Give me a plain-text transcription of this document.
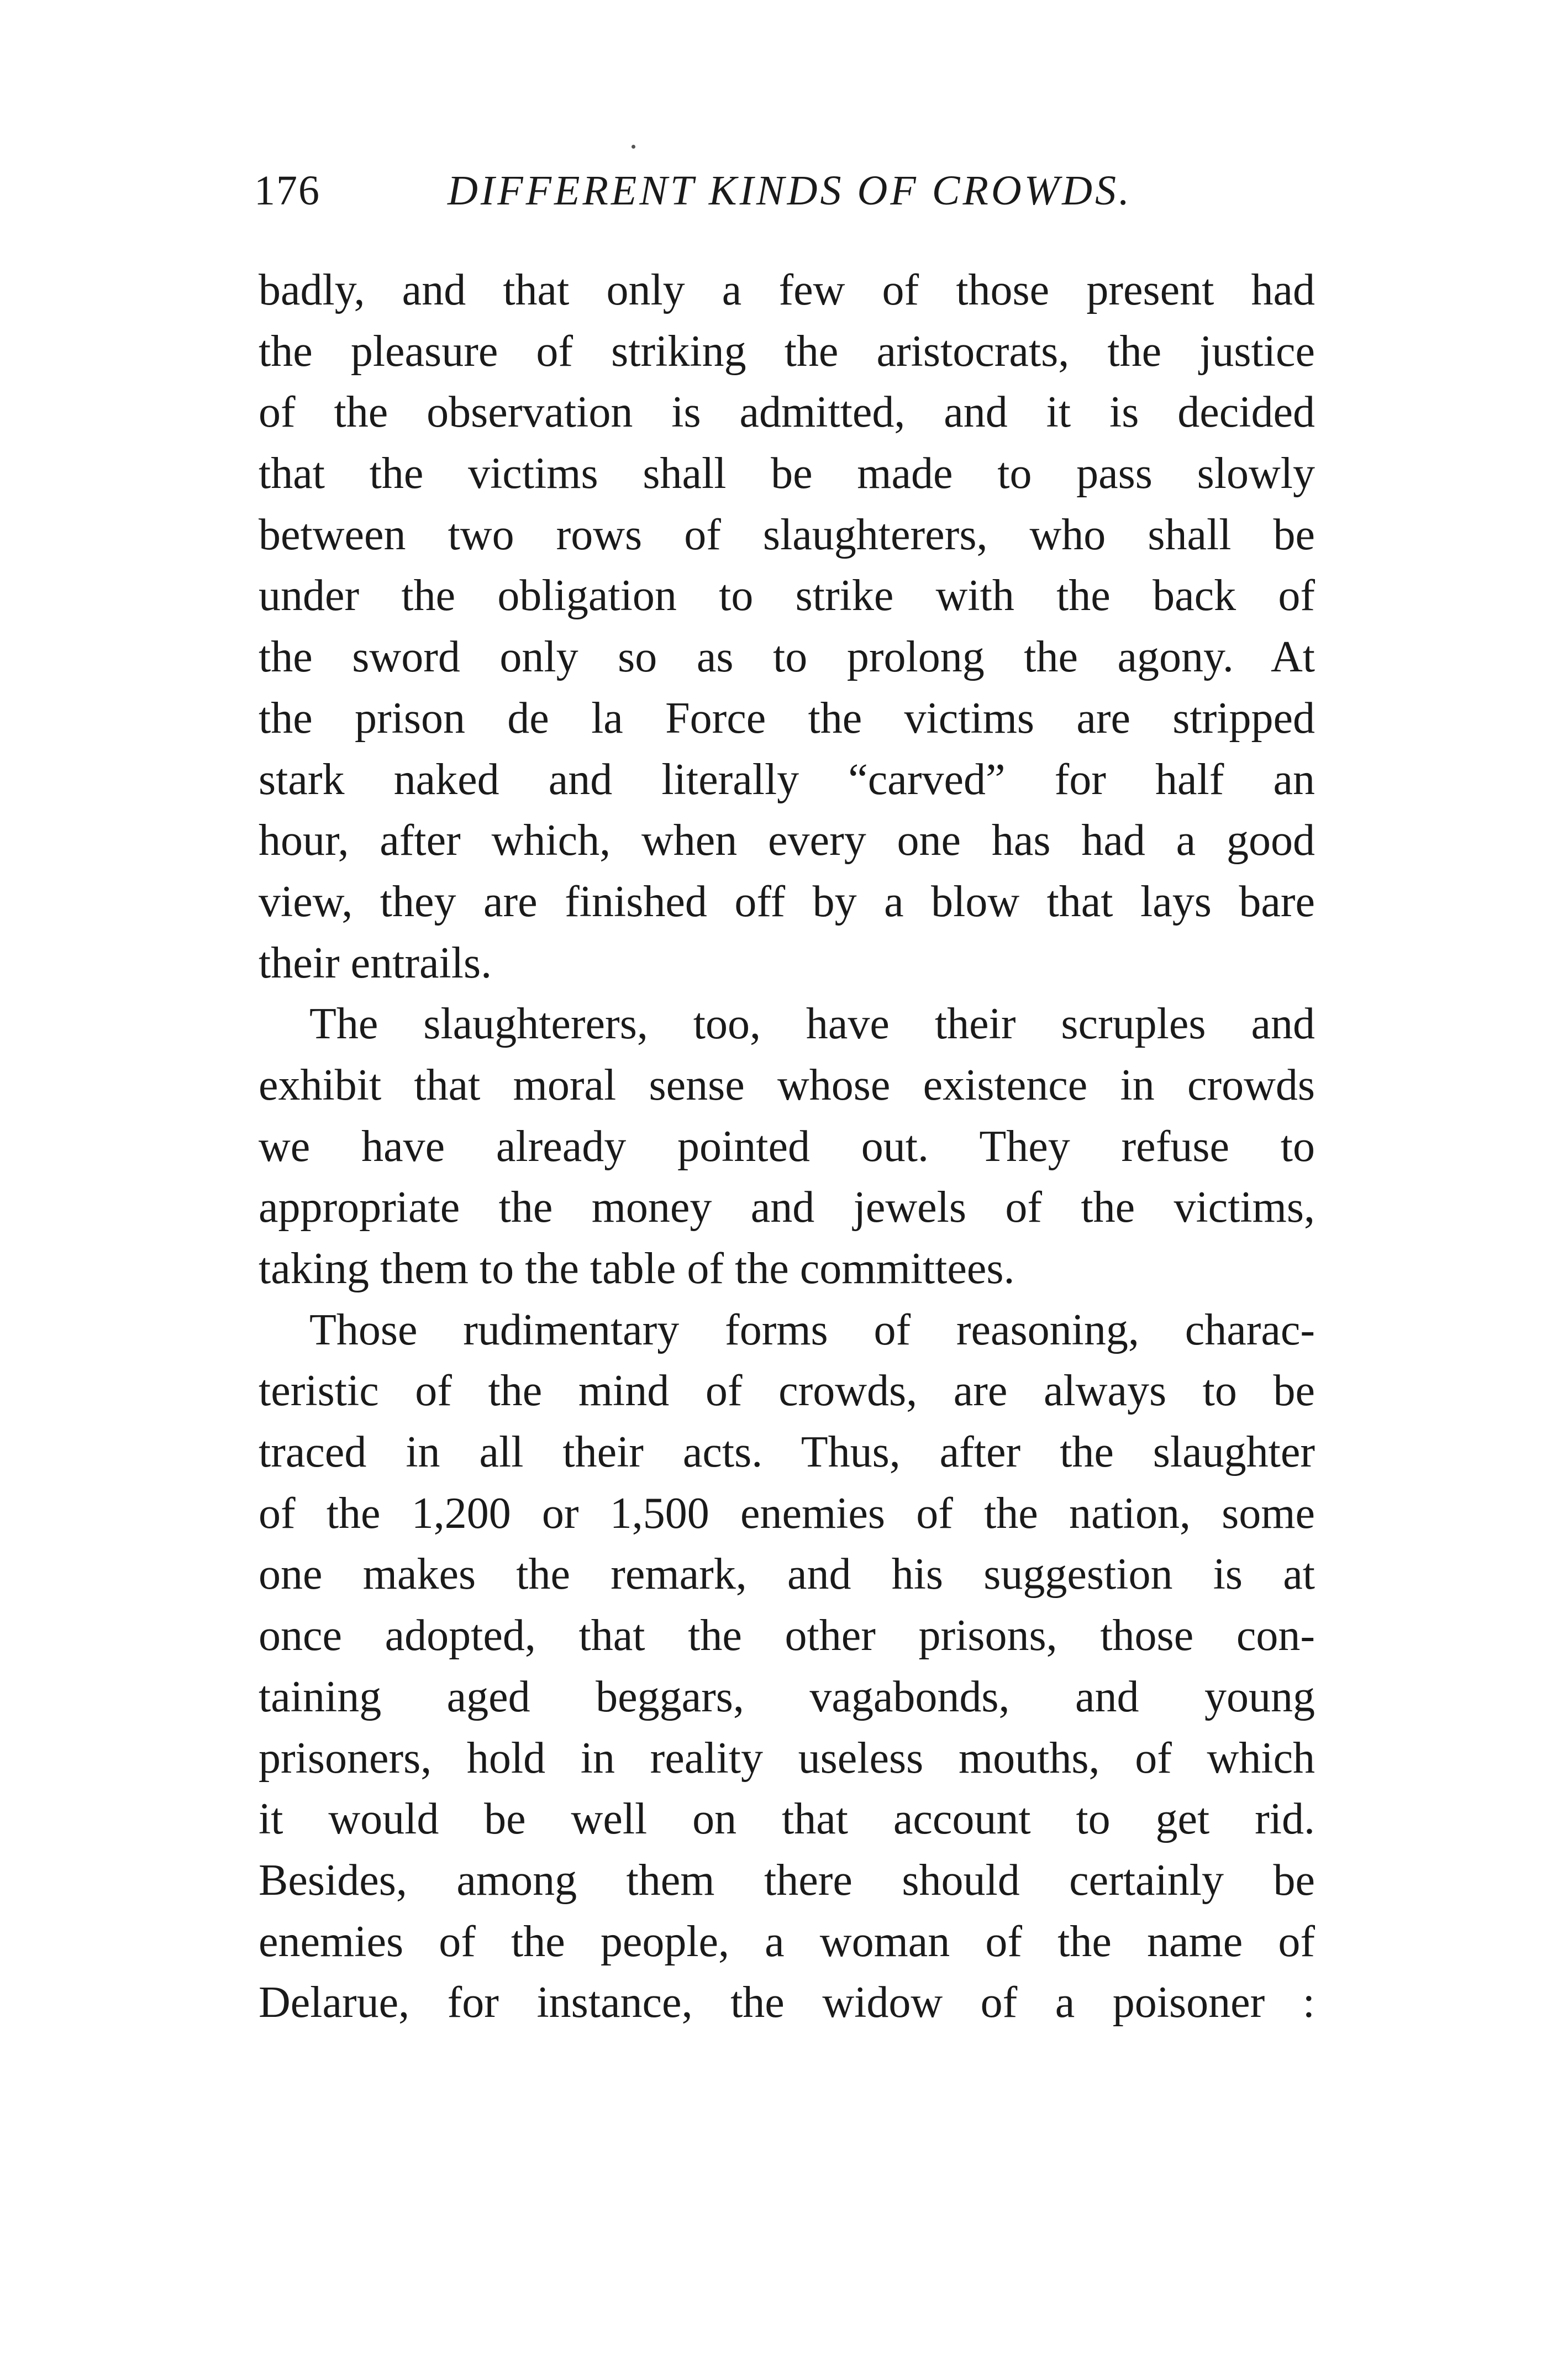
176	DIFFERENT KINDS OF CROWDS.
badly, and that only a few of those present had
the pleasure of striking the aristocrats, the justice
of the observation is admitted, and it is decided
that the victims shall be made to pass slowly
between two rows of slaughterers, who shall be
under the obligation to strike with the back of
the sword only so as to prolong the agony. At
the prison de la Force the victims are stripped
stark naked and literally “carved” for half an
hour, after which, when every one has had a good
view, they are finished off by a blow that lays bare
their entrails.
The slaughterers, too, have their scruples and
exhibit that moral sense whose existence in crowds
we have already pointed out. They refuse to
appropriate the money and jewels of the victims,
taking them to the table of the committees.
Those rudimentary forms of reasoning, charac-
teristic of the mind of crowds, are always to be
traced in all their acts. Thus, after the slaughter
of the 1,200 or 1,500 enemies of the nation, some
one makes the remark, and his suggestion is at
once adopted, that the other prisons, those con-
taining aged beggars, vagabonds, and young
prisoners, hold in reality useless mouths, of which
it would be well on that account to get rid.
Besides, among them there should certainly be
enemies of the people, a woman of the name of
Delarue, for instance, the widow of a poisoner :
